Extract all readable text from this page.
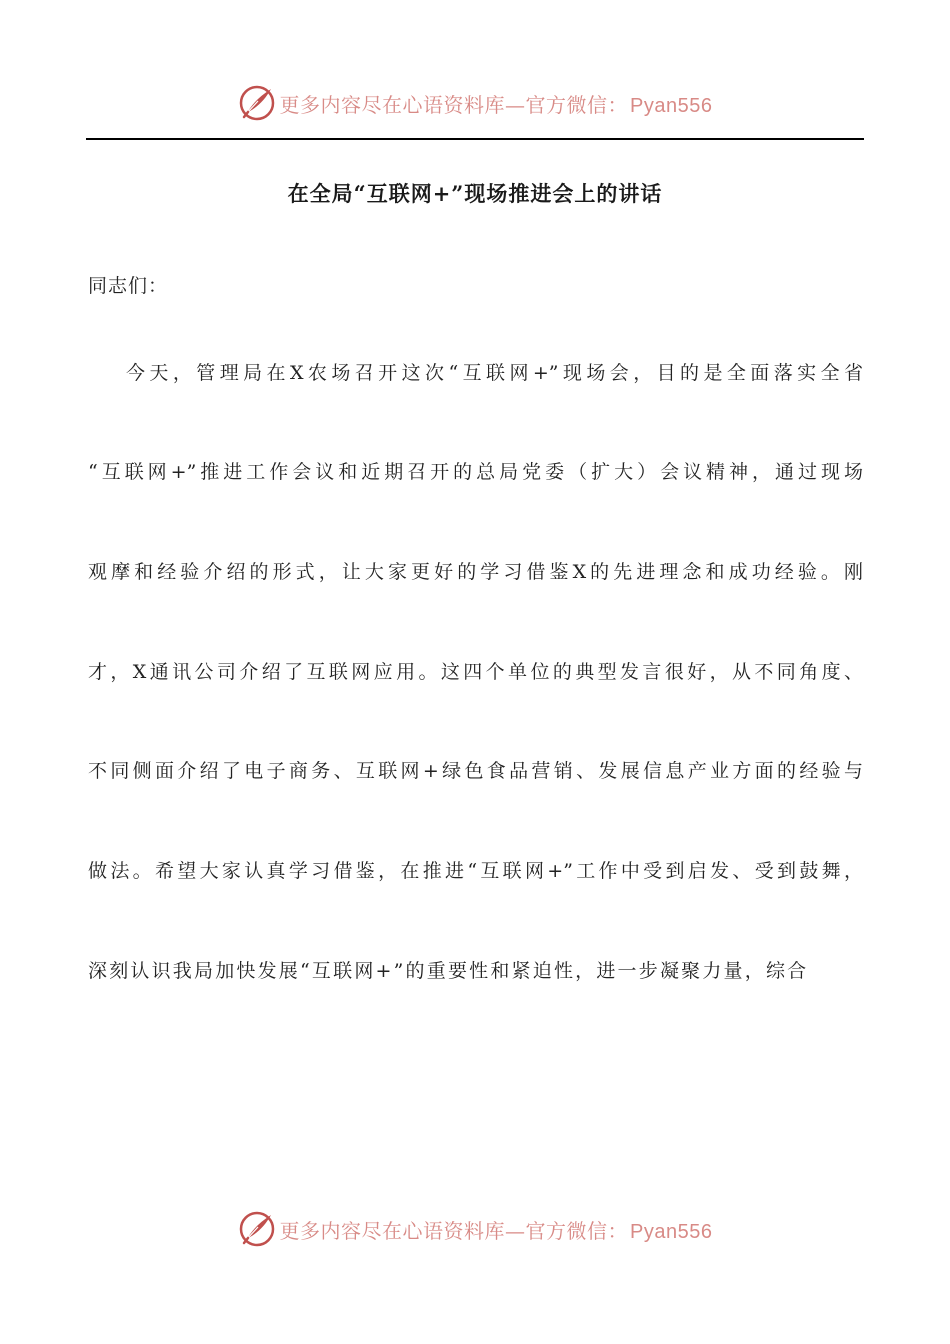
更多内容尽在心语资料库—官方微信： Pyan556
在全局“互联网+”现场推进会上的讲话

同志们：

今天，管理局在X农场召开这次“互联网+”现场会，目的是全面落实全省

“互联网+”推进工作会议和近期召开的总局党委（扩大）会议精神，通过现场

观摩和经验介绍的形式，让大家更好的学习借鉴X的先进理念和成功经验。刚

才，X通讯公司介绍了互联网应用。这四个单位的典型发言很好，从不同角度、

不同侧面介绍了电子商务、互联网+绿色食品营销、发展信息产业方面的经验与

做法。希望大家认真学习借鉴，在推进“互联网+”工作中受到启发、受到鼓舞，

深刻认识我局加快发展“互联网+”的重要性和紧迫性，进一步凝聚力量，综合

更多内容尽在心语资料库—官方微信： Pyan556
